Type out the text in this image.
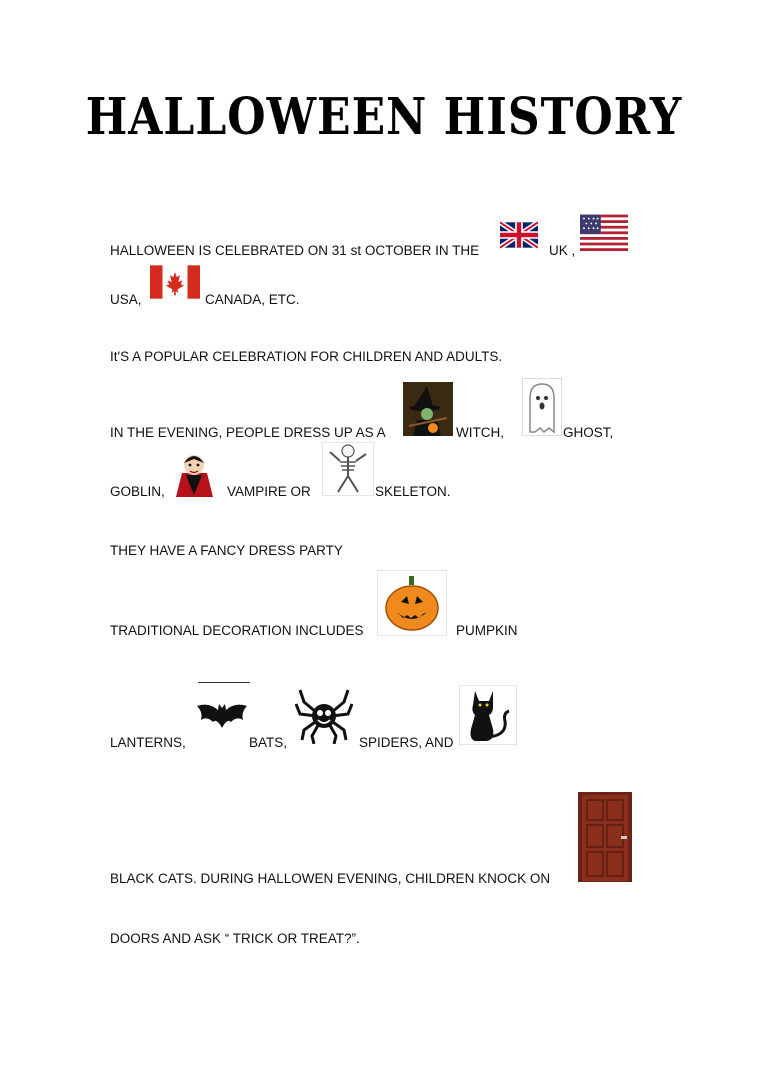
HALLOWEEN HISTORY
HALLOWEEN IS CELEBRATED ON 31 st OCTOBER IN THE	UK ,
USA,	CANADA, ETC.
It'S A POPULAR CELEBRATION FOR CHILDREN AND ADULTS.
IN THE EVENING, PEOPLE DRESS UP AS A	WITCH,	GHOST,
GOBLIN,	VAMPIRE OR	SKELETON.
THEY HAVE A FANCY DRESS PARTY
TRADITIONAL DECORATION INCLUDES	PUMPKIN
LANTERNS,	BATS,	SPIDERS, AND
BLACK CATS. DURING HALLOWEN EVENING, CHILDREN KNOCK ON
DOORS AND ASK “ TRICK OR TREAT?”.
